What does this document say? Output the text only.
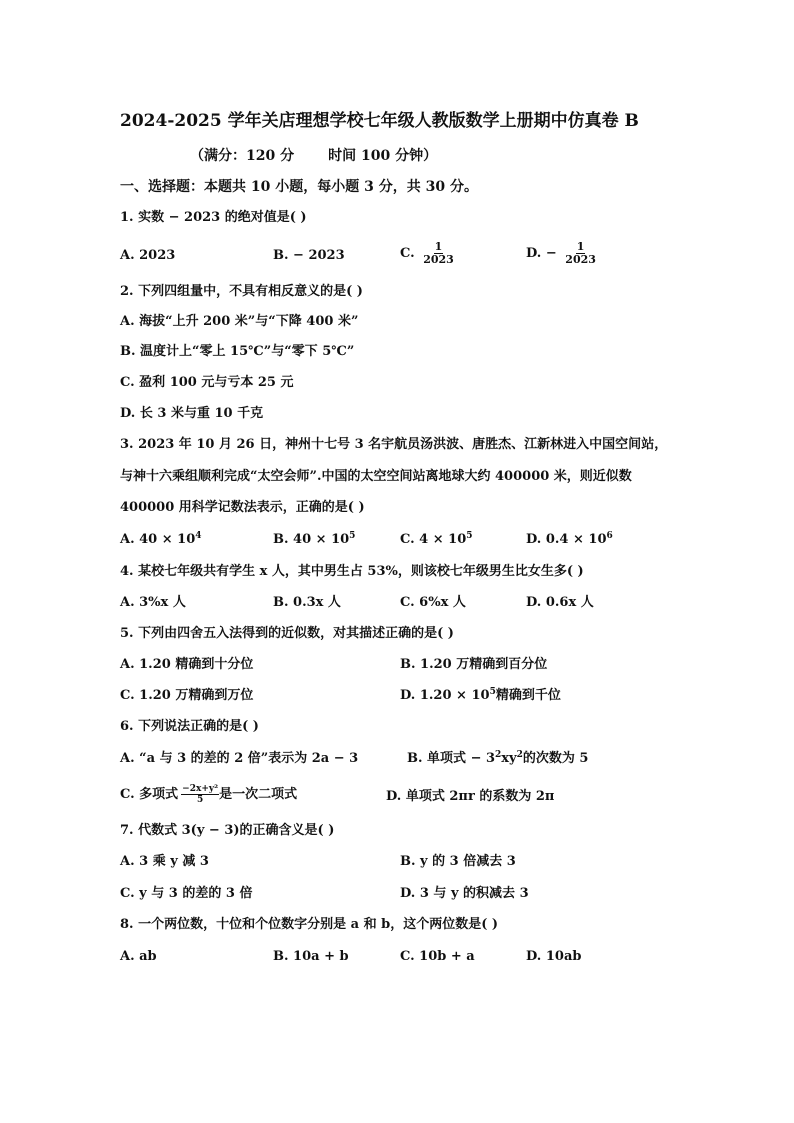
2024-2025 学年关店理想学校七年级人教版数学上册期中仿真卷 B
（满分：120 分 时间 100 分钟）
一、选择题：本题共 10 小题，每小题 3 分，共 30 分。
1. 实数 − 2023 的绝对值是( )
A. 2023	B. − 2023	C. $\frac{1}{2023}$	D. − $\frac{1}{2023}$
2. 下列四组量中，不具有相反意义的是( )
A. 海拔“上升 200 米”与“下降 400 米”
B. 温度计上“零上 15℃”与“零下 5℃”
C. 盈利 100 元与亏本 25 元
D. 长 3 米与重 10 千克
3. 2023 年 10 月 26 日，神州十七号 3 名宇航员汤洪波、唐胜杰、江新林进入中国空间站，
与神十六乘组顺利完成“太空会师”.中国的太空空间站离地球大约 400000 米，则近似数
400000 用科学记数法表示，正确的是( )
A. $40 \times 10^4$	B. $40 \times 10^5$	C. $4 \times 10^5$	D. $0.4 \times 10^6$
4. 某校七年级共有学生 x 人，其中男生占 53%，则该校七年级男生比女生多( )
A. 3%x 人	B. 0.3x 人	C. 6%x 人	D. 0.6x 人
5. 下列由四舍五入法得到的近似数，对其描述正确的是( )
A. 1.20 精确到十分位	B. 1.20 万精确到百分位
C. 1.20 万精确到万位	D. $1.20 \times 10^5$精确到千位
6. 下列说法正确的是( )
A. “a 与 3 的差的 2 倍”表示为 2a − 3	B. 单项式 − $3^2xy^2$的次数为 5
C. 多项式 $\frac{\text{−2x+y²}}{5}$ 是一次二项式	D. 单项式 2πr 的系数为 2π
7. 代数式 3(y − 3)的正确含义是( )
A. 3 乘 y 减 3	B. y 的 3 倍减去 3
C. y 与 3 的差的 3 倍	D. 3 与 y 的积减去 3
8. 一个两位数，十位和个位数字分别是 a 和 b，这个两位数是( )
A. ab	B. 10a + b	C. 10b + a	D. 10ab
